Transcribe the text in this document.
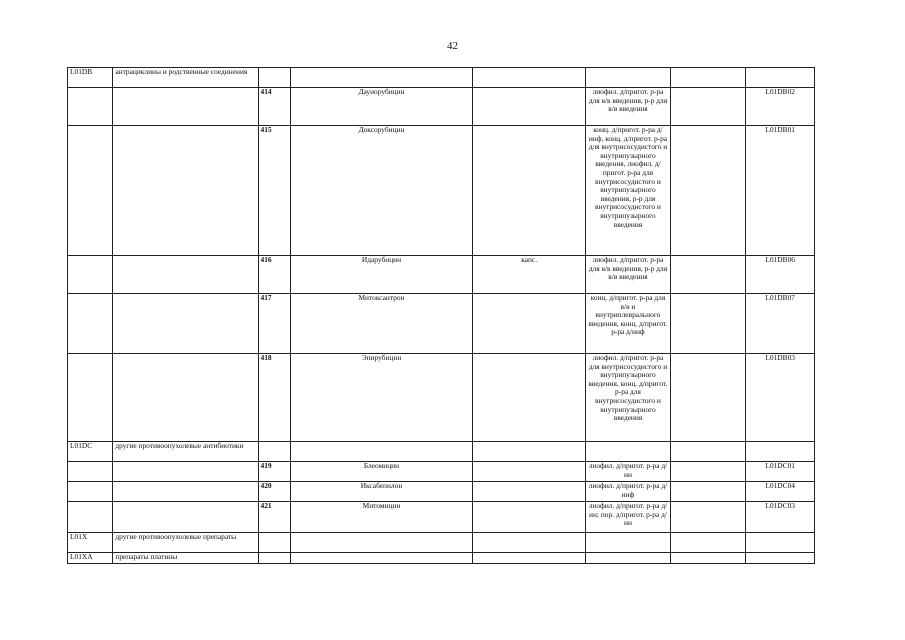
42
L01DB	антрациклины и родственные соединения						
		414	Даунорубицин		лиофил. д/пригот. р-ра для в/в введения, р-р для в/в введения		L01DB02
		415	Доксорубицин		конц. д/пригот. р-ра д/инф, конц. д/пригот. р-ра для внутрисосудистого и внутрипузырного введения, лиофил. д/пригот. р-ра для внутрисосудистого и внутрипузырного введения, р-р для внутрисосудистого и внутрипузырного введения		L01DB01
		416	Идарубицин	капс.	лиофил. д/пригот. р-ра для в/в введения, р-р для в/в введения		L01DB06
		417	Митоксантрон		конц. д/пригот. р-ра для в/в и внутриплеврального введения, конц. д/пригот. р-ра д/инф		L01DB07
		418	Эпирубицин		лиофил. д/пригот. р-ра для внутрисосудистого и внутрипузырного введения, конц. д/пригот. р-ра для внутрисосудистого и внутрипузырного введения		L01DB03
L01DC	другие противоопухолевые антибиотики						
		419	Блеомицин		лиофил. д/пригот. р-ра д/ин		L01DC01
		420	Иксабепилон		лиофил. д/пригот. р-ра д/инф		L01DC04
		421	Митомицин		лиофил. д/пригот. р-ра д/ин; пор. д/пригот. р-ра д/ин		L01DC03
L01X	другие противоопухолевые препараты						
L01XA	препараты платины						
